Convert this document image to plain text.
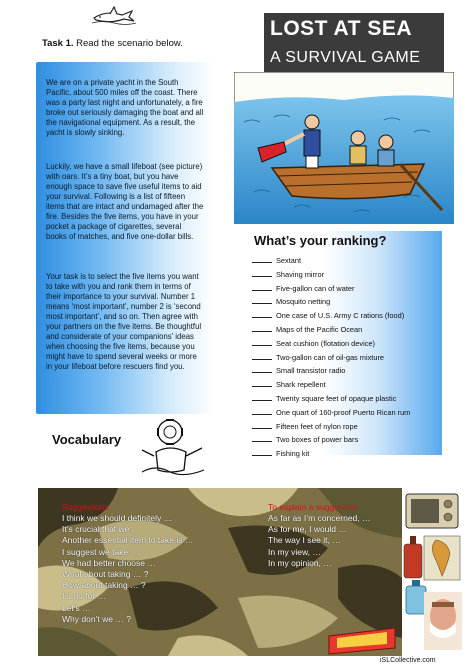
Task 1. Read the scenario below.

We are on a private yacht in the South Pacific, about 500 miles off the coast. There was a party last night and unfortunately, a fire broke out seriously damaging the boat and all the navigational equipment. As a result, the yacht is slowly sinking.

Luckily, we have a small lifeboat (see picture) with oars. It’s a tiny boat, but you have enough space to save five useful items to aid your survival. Following is a list of fifteen items that are intact and undamaged after the fire. Besides the five items, you have in your pocket a package of cigarettes, several books of matches, and five one-dollar bills.

Your task is to select the five items you want to take with you and rank them in terms of their importance to your survival. Number 1 means ‘most important’, number 2 is ‘second most important’, and so on. Then agree with your partners on the five items. Be thoughtful and considerate of your companions’ ideas when choosing the five items, because you might have to spend several weeks or more in your lifeboat before rescuers find you.

LOST AT SEA
A SURVIVAL GAME
What’s your ranking?
Sextant
Shaving mirror
Five-gallon can of water
Mosquito netting
One case of U.S. Army C rations (food)
Maps of the Pacific Ocean
Seat cushion (flotation device)
Two-gallon can of oil-gas mixture
Small transistor radio
Shark repellent
Twenty square feet of opaque plastic
One quart of 160-proof Puerto Rican rum
Fifteen feet of nylon rope
Two boxes of power bars
Fishing kit
Vocabulary
Suggestions
I think we should definitely …
It’s crucial that we …
Another essential item to take is …
I suggest we take …
We had better choose …
What about taking … ?
How about taking … ?
I’d go for …
Let’s …
Why don’t we … ?
To explain a suggestion
As far as I’m concerned, …
As for me, I would …
The way I see it, …
In my view, …
In my opinion, …
iSLCollective.com
